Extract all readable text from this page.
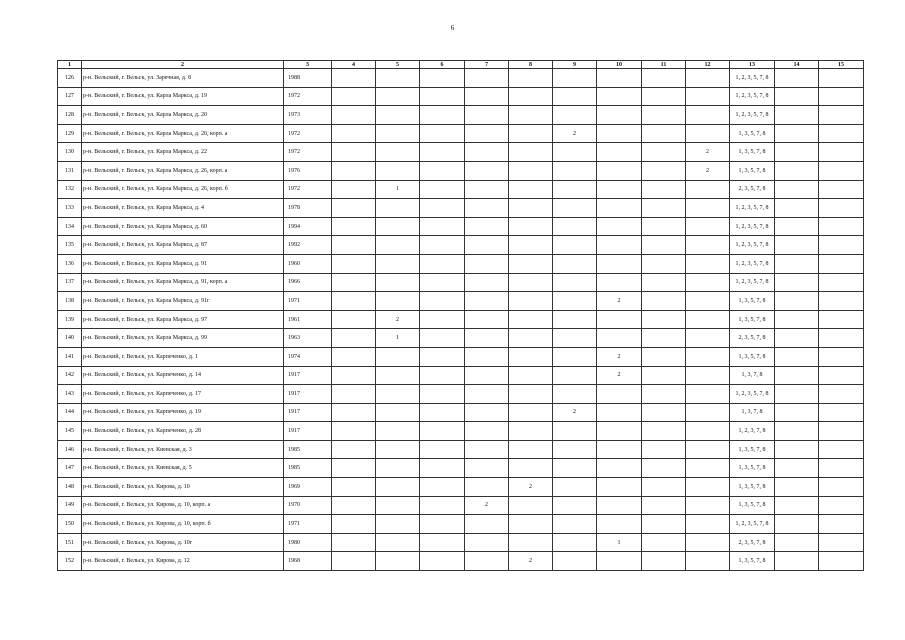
6
1	2	3	4	5	6	7	8	9	10	11	12	13	14	15
126	р-н. Вельский, г. Вельск, ул. Заречная, д. 8	1988										1, 2, 3, 5, 7, 8		
127	р-н. Вельский, г. Вельск, ул. Карла Маркса, д. 19	1972										1, 2, 3, 5, 7, 8		
128	р-н. Вельский, г. Вельск, ул. Карла Маркса, д. 20	1973										1, 2, 3, 5, 7, 8		
129	р-н. Вельский, г. Вельск, ул. Карла Маркса, д. 20, корп. а	1972						2				1, 3, 5, 7, 8		
130	р-н. Вельский, г. Вельск, ул. Карла Маркса, д. 22	1972									2	1, 3, 5, 7, 8		
131	р-н. Вельский, г. Вельск, ул. Карла Маркса, д. 26, корп. а	1976									2	1, 3, 5, 7, 8		
132	р-н. Вельский, г. Вельск, ул. Карла Маркса, д. 26, корп. б	1972		1								2, 3, 5, 7, 8		
133	р-н. Вельский, г. Вельск, ул. Карла Маркса, д. 4	1978										1, 2, 3, 5, 7, 8		
134	р-н. Вельский, г. Вельск, ул. Карла Маркса, д. 60	1994										1, 2, 3, 5, 7, 8		
135	р-н. Вельский, г. Вельск, ул. Карла Маркса, д. 87	1992										1, 2, 3, 5, 7, 8		
136	р-н. Вельский, г. Вельск, ул. Карла Маркса, д. 91	1960										1, 2, 3, 5, 7, 8		
137	р-н. Вельский, г. Вельск, ул. Карла Маркса, д. 91, корп. а	1966										1, 2, 3, 5, 7, 8		
138	р-н. Вельский, г. Вельск, ул. Карла Маркса, д. 91г	1971							2			1, 3, 5, 7, 8		
139	р-н. Вельский, г. Вельск, ул. Карла Маркса, д. 97	1961		2								1, 3, 5, 7, 8		
140	р-н. Вельский, г. Вельск, ул. Карла Маркса, д. 99	1963		1								2, 3, 5, 7, 8		
141	р-н. Вельский, г. Вельск, ул. Карпеченко, д. 1	1974							2			1, 3, 5, 7, 8		
142	р-н. Вельский, г. Вельск, ул. Карпеченко, д. 14	1917							2			1, 3, 7, 8		
143	р-н. Вельский, г. Вельск, ул. Карпеченко, д. 17	1917										1, 2, 3, 5, 7, 8		
144	р-н. Вельский, г. Вельск, ул. Карпеченко, д. 19	1917						2				1, 3, 7, 8		
145	р-н. Вельский, г. Вельск, ул. Карпеченко, д. 28	1917										1, 2, 3, 7, 8		
146	р-н. Вельский, г. Вельск, ул. Киевская, д. 3	1985										1, 3, 5, 7, 8		
147	р-н. Вельский, г. Вельск, ул. Киевская, д. 5	1985										1, 3, 5, 7, 8		
148	р-н. Вельский, г. Вельск, ул. Кирова, д. 10	1969					2					1, 3, 5, 7, 8		
149	р-н. Вельский, г. Вельск, ул. Кирова, д. 10, корп. а	1970				2						1, 3, 5, 7, 8		
150	р-н. Вельский, г. Вельск, ул. Кирова, д. 10, корп. б	1971										1, 2, 3, 5, 7, 8		
151	р-н. Вельский, г. Вельск, ул. Кирова, д. 10г	1980							1			2, 3, 5, 7, 8		
152	р-н. Вельский, г. Вельск, ул. Кирова, д. 12	1968					2					1, 3, 5, 7, 8		
